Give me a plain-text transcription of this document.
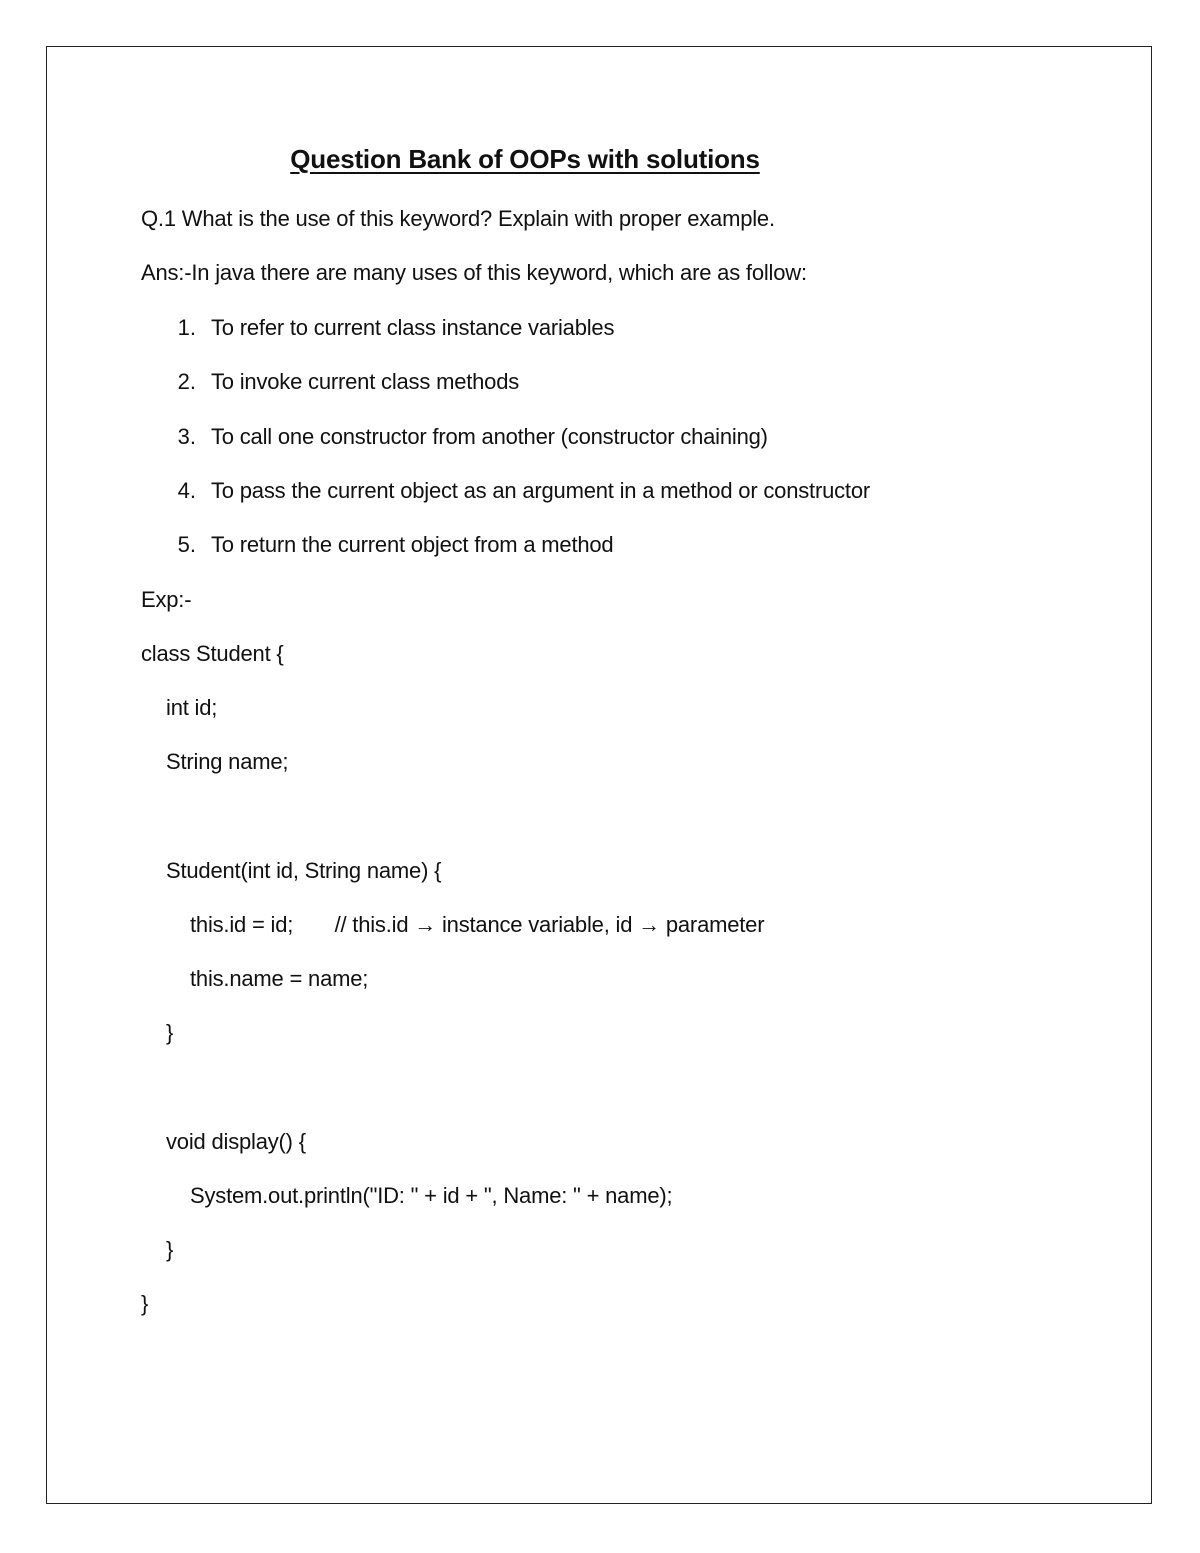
Question Bank of OOPs with solutions
Q.1 What is the use of this keyword? Explain with proper example.
Ans:-In java there are many uses of this keyword, which are as follow:
1. To refer to current class instance variables
2. To invoke current class methods
3. To call one constructor from another (constructor chaining)
4. To pass the current object as an argument in a method or constructor
5. To return the current object from a method
Exp:-
class Student {
int id;
String name;
Student(int id, String name) {
this.id = id;       // this.id → instance variable, id → parameter
this.name = name;
}
void display() {
System.out.println("ID: " + id + ", Name: " + name);
}
}
